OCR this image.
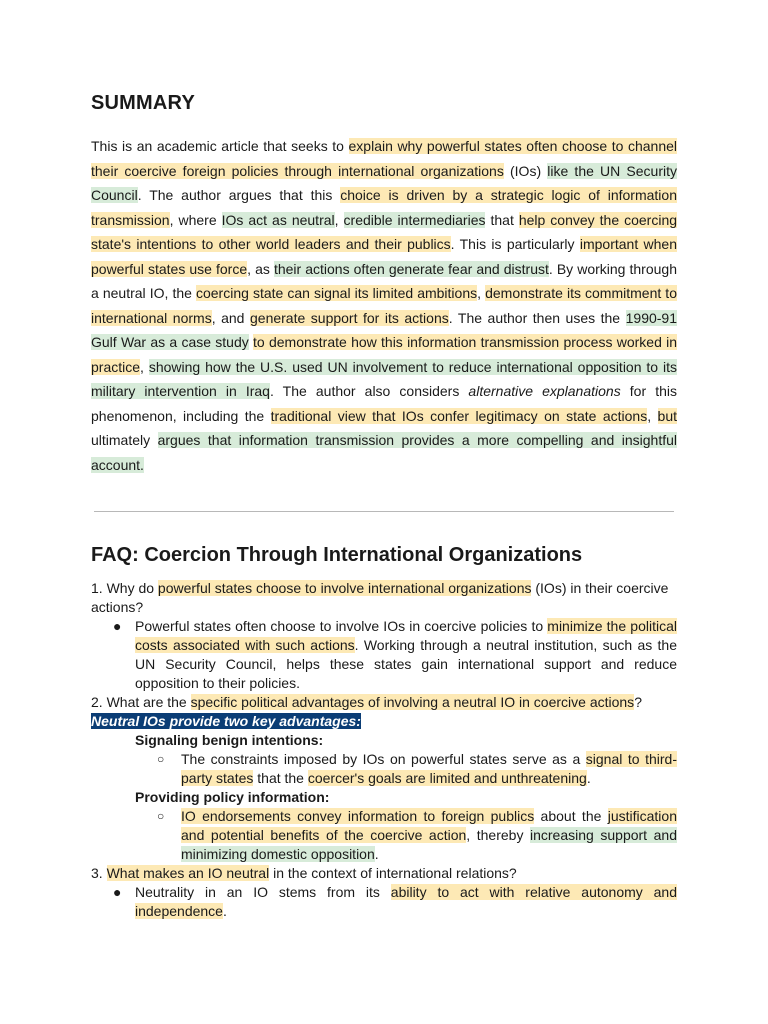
SUMMARY

This is an academic article that seeks to explain why powerful states often choose to channel their coercive foreign policies through international organizations (IOs) like the UN Security Council. The author argues that this choice is driven by a strategic logic of information transmission, where IOs act as neutral, credible intermediaries that help convey the coercing state's intentions to other world leaders and their publics. This is particularly important when powerful states use force, as their actions often generate fear and distrust. By working through a neutral IO, the coercing state can signal its limited ambitions, demonstrate its commitment to international norms, and generate support for its actions. The author then uses the 1990-91 Gulf War as a case study to demonstrate how this information transmission process worked in practice, showing how the U.S. used UN involvement to reduce international opposition to its military intervention in Iraq. The author also considers alternative explanations for this phenomenon, including the traditional view that IOs confer legitimacy on state actions, but ultimately argues that information transmission provides a more compelling and insightful account.

FAQ: Coercion Through International Organizations

1. Why do powerful states choose to involve international organizations (IOs) in their coercive actions?

● Powerful states often choose to involve IOs in coercive policies to minimize the political costs associated with such actions. Working through a neutral institution, such as the UN Security Council, helps these states gain international support and reduce opposition to their policies.

2. What are the specific political advantages of involving a neutral IO in coercive actions?

Neutral IOs provide two key advantages:

Signaling benign intentions:

○ The constraints imposed by IOs on powerful states serve as a signal to third-party states that the coercer's goals are limited and unthreatening.

Providing policy information:

○ IO endorsements convey information to foreign publics about the justification and potential benefits of the coercive action, thereby increasing support and minimizing domestic opposition.

3. What makes an IO neutral in the context of international relations?

● Neutrality in an IO stems from its ability to act with relative autonomy and independence.
